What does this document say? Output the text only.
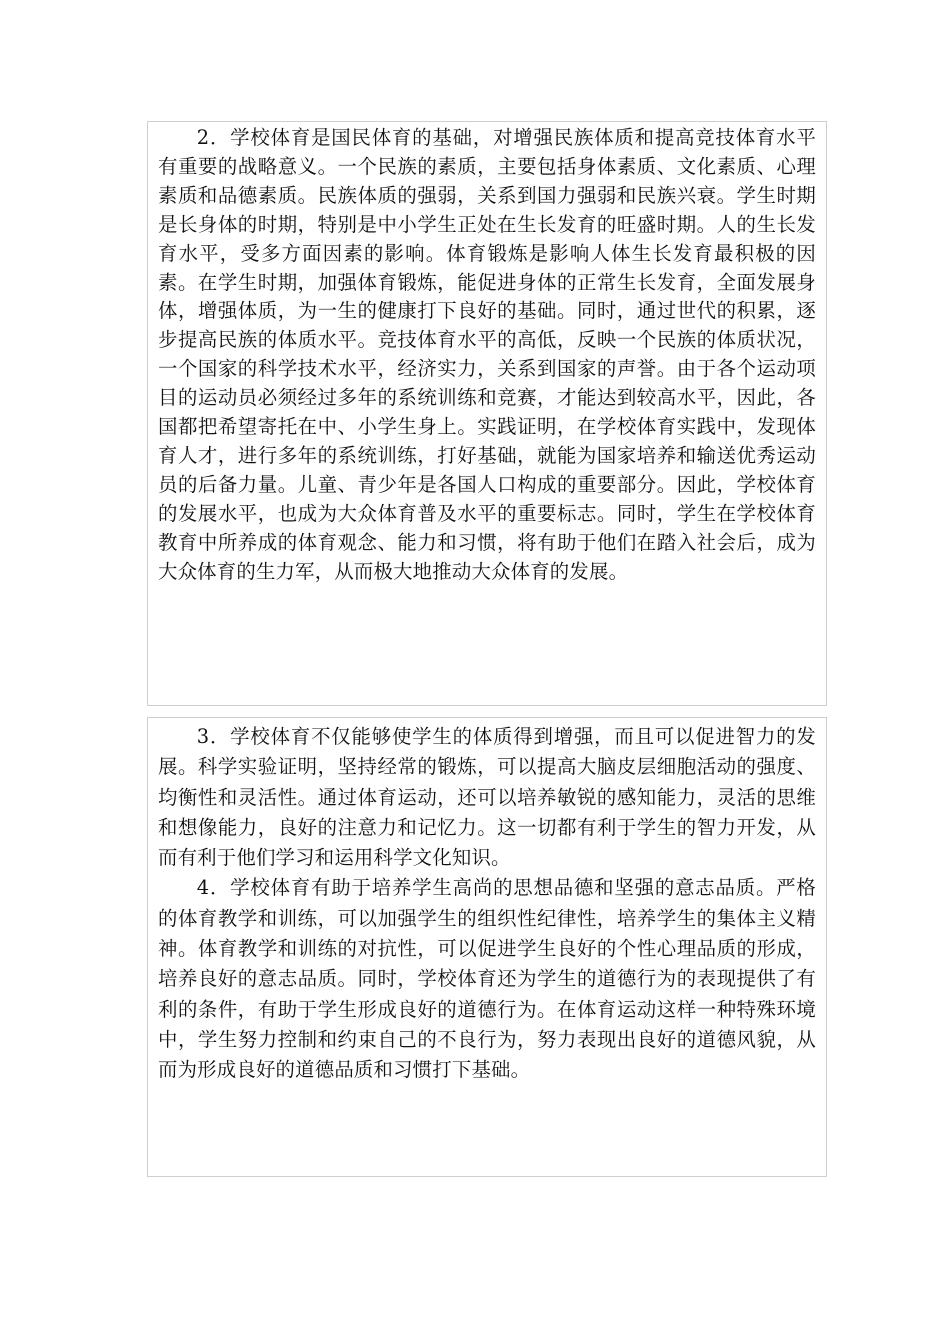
2．学校体育是国民体育的基础，对增强民族体质和提高竞技体育水平有重要的战略意义。一个民族的素质，主要包括身体素质、文化素质、心理素质和品德素质。民族体质的强弱，关系到国力强弱和民族兴衰。学生时期是长身体的时期，特别是中小学生正处在生长发育的旺盛时期。人的生长发育水平，受多方面因素的影响。体育锻炼是影响人体生长发育最积极的因素。在学生时期，加强体育锻炼，能促进身体的正常生长发育，全面发展身体，增强体质，为一生的健康打下良好的基础。同时，通过世代的积累，逐步提高民族的体质水平。竞技体育水平的高低，反映一个民族的体质状况，一个国家的科学技术水平，经济实力，关系到国家的声誉。由于各个运动项目的运动员必须经过多年的系统训练和竞赛，才能达到较高水平，因此，各国都把希望寄托在中、小学生身上。实践证明，在学校体育实践中，发现体育人才，进行多年的系统训练，打好基础，就能为国家培养和输送优秀运动员的后备力量。儿童、青少年是各国人口构成的重要部分。因此，学校体育的发展水平，也成为大众体育普及水平的重要标志。同时，学生在学校体育教育中所养成的体育观念、能力和习惯，将有助于他们在踏入社会后，成为大众体育的生力军，从而极大地推动大众体育的发展。

3．学校体育不仅能够使学生的体质得到增强，而且可以促进智力的发展。科学实验证明，坚持经常的锻炼，可以提高大脑皮层细胞活动的强度、均衡性和灵活性。通过体育运动，还可以培养敏锐的感知能力，灵活的思维和想像能力，良好的注意力和记忆力。这一切都有利于学生的智力开发，从而有利于他们学习和运用科学文化知识。

4．学校体育有助于培养学生高尚的思想品德和坚强的意志品质。严格的体育教学和训练，可以加强学生的组织性纪律性，培养学生的集体主义精神。体育教学和训练的对抗性，可以促进学生良好的个性心理品质的形成，培养良好的意志品质。同时，学校体育还为学生的道德行为的表现提供了有利的条件，有助于学生形成良好的道德行为。在体育运动这样一种特殊环境中，学生努力控制和约束自己的不良行为，努力表现出良好的道德风貌，从而为形成良好的道德品质和习惯打下基础。
